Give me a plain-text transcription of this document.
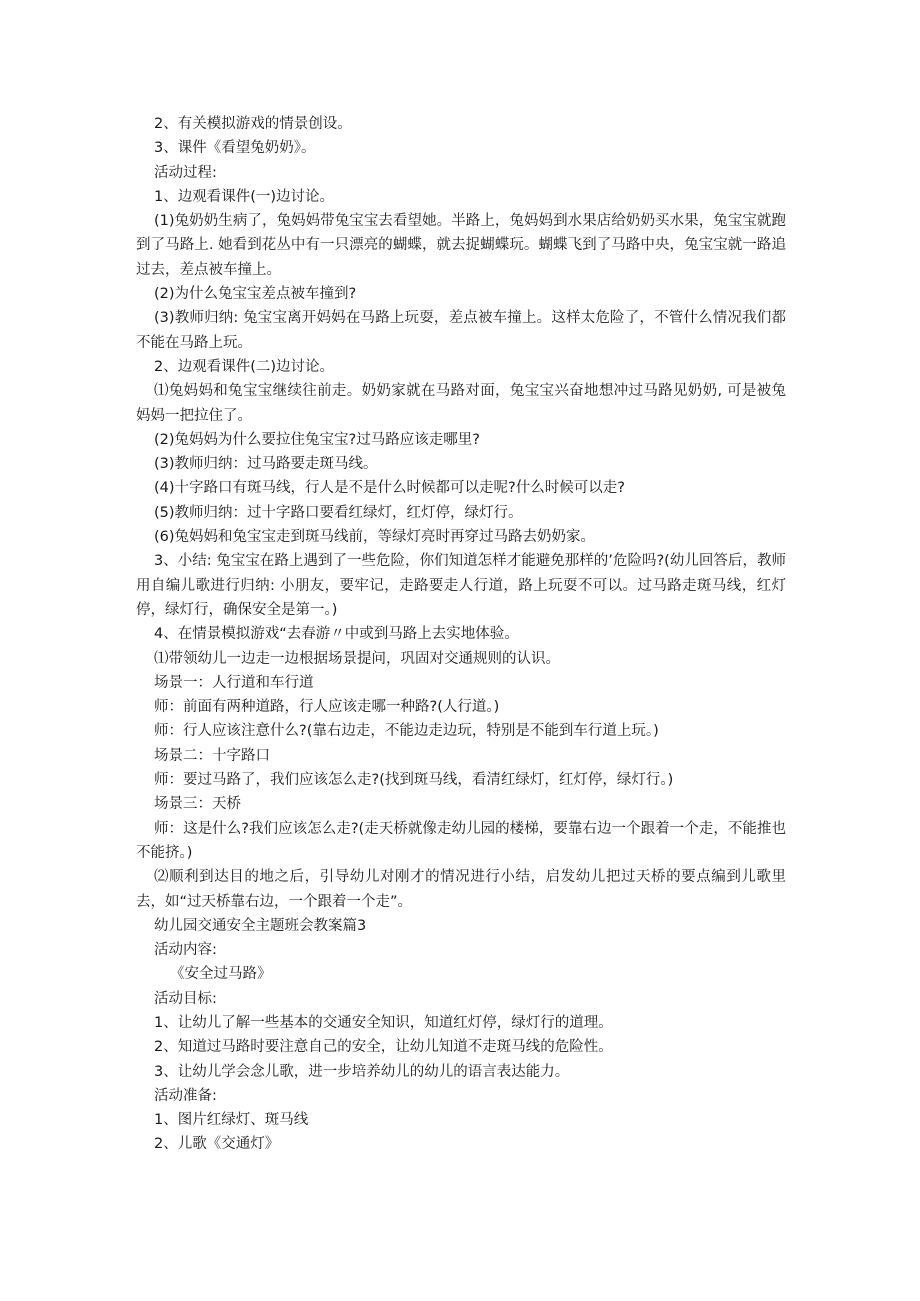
2、有关模拟游戏的情景创设。

3、课件《看望兔奶奶》。

活动过程:

1、边观看课件(一)边讨论。

(1)兔奶奶生病了，兔妈妈带兔宝宝去看望她。半路上，兔妈妈到水果店给奶奶买水果，兔宝宝就跑到了马路上. 她看到花丛中有一只漂亮的蝴蝶，就去捉蝴蝶玩。蝴蝶飞到了马路中央，兔宝宝就一路追过去，差点被车撞上。

(2)为什么兔宝宝差点被车撞到?

(3)教师归纳: 兔宝宝离开妈妈在马路上玩耍，差点被车撞上。这样太危险了，不管什么情况我们都不能在马路上玩。

2、边观看课件(二)边讨论。

⑴兔妈妈和兔宝宝继续往前走。奶奶家就在马路对面，兔宝宝兴奋地想冲过马路见奶奶, 可是被兔妈妈一把拉住了。

(2)兔妈妈为什么要拉住兔宝宝?过马路应该走哪里?

(3)教师归纳：过马路要走斑马线。

(4)十字路口有斑马线，行人是不是什么时候都可以走呢?什么时候可以走?

(5)教师归纳：过十字路口要看红绿灯，红灯停，绿灯行。

(6)兔妈妈和兔宝宝走到斑马线前，等绿灯亮时再穿过马路去奶奶家。

3、小结: 兔宝宝在路上遇到了一些危险，你们知道怎样才能避免那样的’危险吗?(幼儿回答后，教师用自编儿歌进行归纳: 小朋友，要牢记，走路要走人行道，路上玩耍不可以。过马路走斑马线，红灯停，绿灯行，确保安全是第一。)

4、在情景模拟游戏“去春游〃中或到马路上去实地体验。

⑴带领幼儿一边走一边根据场景提问，巩固对交通规则的认识。

场景一：人行道和车行道

师：前面有两种道路，行人应该走哪一种路?(人行道。)

师：行人应该注意什么?(靠右边走，不能边走边玩，特别是不能到车行道上玩。)

场景二：十字路口

师：要过马路了，我们应该怎么走?(找到斑马线，看清红绿灯，红灯停，绿灯行。)

场景三：天桥

师：这是什么?我们应该怎么走?(走天桥就像走幼儿园的楼梯，要靠右边一个跟着一个走，不能推也不能挤。)

⑵顺利到达目的地之后，引导幼儿对刚才的情况进行小结，启发幼儿把过天桥的要点编到儿歌里去，如“过天桥靠右边，一个跟着一个走”。

幼儿园交通安全主题班会教案篇3

活动内容:

《安全过马路》

活动目标:

1、让幼儿了解一些基本的交通安全知识，知道红灯停，绿灯行的道理。

2、知道过马路时要注意自己的安全，让幼儿知道不走斑马线的危险性。

3、让幼儿学会念儿歌，进一步培养幼儿的幼儿的语言表达能力。

活动准备:

1、图片红绿灯、斑马线

2、儿歌《交通灯》
